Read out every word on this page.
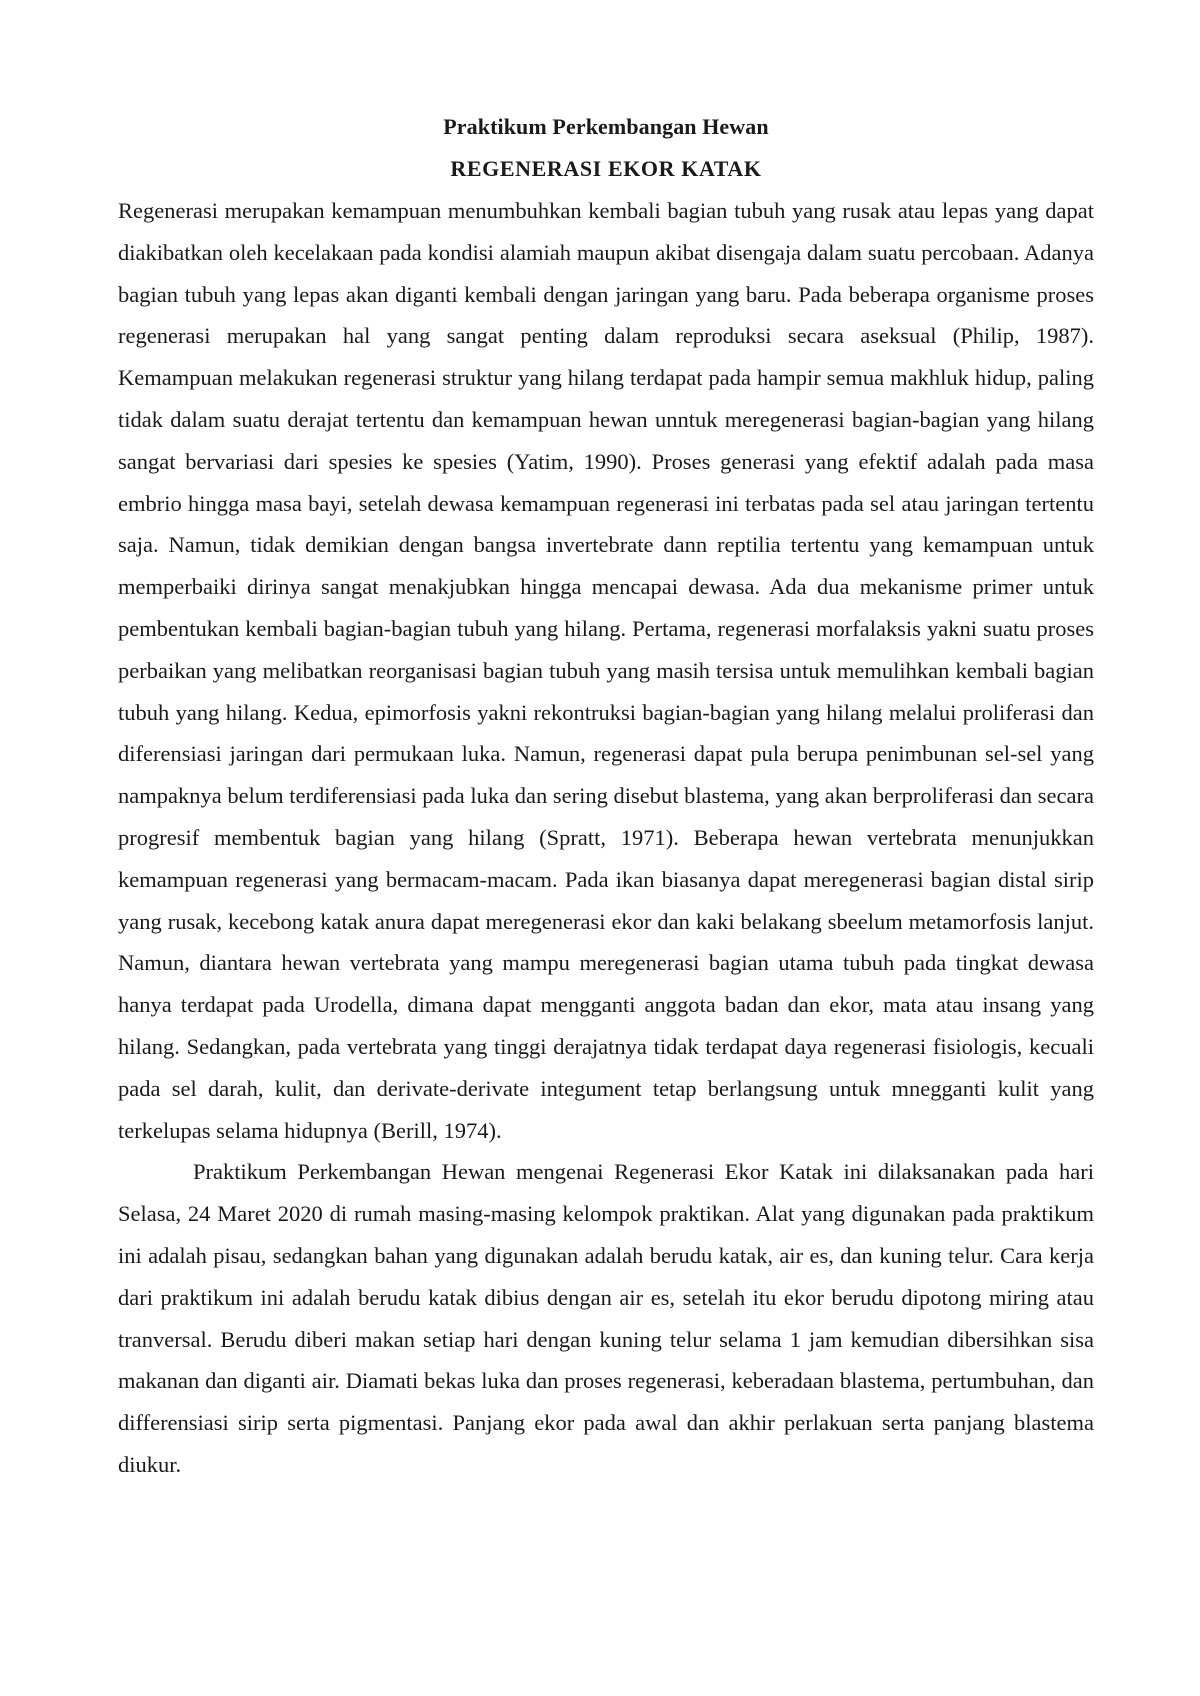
Praktikum Perkembangan Hewan
REGENERASI EKOR KATAK

Regenerasi merupakan kemampuan menumbuhkan kembali bagian tubuh yang rusak atau lepas yang dapat diakibatkan oleh kecelakaan pada kondisi alamiah maupun akibat disengaja dalam suatu percobaan. Adanya bagian tubuh yang lepas akan diganti kembali dengan jaringan yang baru. Pada beberapa organisme proses regenerasi merupakan hal yang sangat penting dalam reproduksi secara aseksual (Philip, 1987). Kemampuan melakukan regenerasi struktur yang hilang terdapat pada hampir semua makhluk hidup, paling tidak dalam suatu derajat tertentu dan kemampuan hewan unntuk meregenerasi bagian-bagian yang hilang sangat bervariasi dari spesies ke spesies (Yatim, 1990). Proses generasi yang efektif adalah pada masa embrio hingga masa bayi, setelah dewasa kemampuan regenerasi ini terbatas pada sel atau jaringan tertentu saja. Namun, tidak demikian dengan bangsa invertebrate dann reptilia tertentu yang kemampuan untuk memperbaiki dirinya sangat menakjubkan hingga mencapai dewasa. Ada dua mekanisme primer untuk pembentukan kembali bagian-bagian tubuh yang hilang. Pertama, regenerasi morfalaksis yakni suatu proses perbaikan yang melibatkan reorganisasi bagian tubuh yang masih tersisa untuk memulihkan kembali bagian tubuh yang hilang. Kedua, epimorfosis yakni rekontruksi bagian-bagian yang hilang melalui proliferasi dan diferensiasi jaringan dari permukaan luka. Namun, regenerasi dapat pula berupa penimbunan sel-sel yang nampaknya belum terdiferensiasi pada luka dan sering disebut blastema, yang akan berproliferasi dan secara progresif membentuk bagian yang hilang (Spratt, 1971). Beberapa hewan vertebrata menunjukkan kemampuan regenerasi yang bermacam-macam. Pada ikan biasanya dapat meregenerasi bagian distal sirip yang rusak, kecebong katak anura dapat meregenerasi ekor dan kaki belakang sbeelum metamorfosis lanjut. Namun, diantara hewan vertebrata yang mampu meregenerasi bagian utama tubuh pada tingkat dewasa hanya terdapat pada Urodella, dimana dapat mengganti anggota badan dan ekor, mata atau insang yang hilang. Sedangkan, pada vertebrata yang tinggi derajatnya tidak terdapat daya regenerasi fisiologis, kecuali pada sel darah, kulit, dan derivate-derivate integument tetap berlangsung untuk mnegganti kulit yang terkelupas selama hidupnya (Berill, 1974).

Praktikum Perkembangan Hewan mengenai Regenerasi Ekor Katak ini dilaksanakan pada hari Selasa, 24 Maret 2020 di rumah masing-masing kelompok praktikan. Alat yang digunakan pada praktikum ini adalah pisau, sedangkan bahan yang digunakan adalah berudu katak, air es, dan kuning telur. Cara kerja dari praktikum ini adalah berudu katak dibius dengan air es, setelah itu ekor berudu dipotong miring atau tranversal. Berudu diberi makan setiap hari dengan kuning telur selama 1 jam kemudian dibersihkan sisa makanan dan diganti air. Diamati bekas luka dan proses regenerasi, keberadaan blastema, pertumbuhan, dan differensiasi sirip serta pigmentasi. Panjang ekor pada awal dan akhir perlakuan serta panjang blastema diukur.
